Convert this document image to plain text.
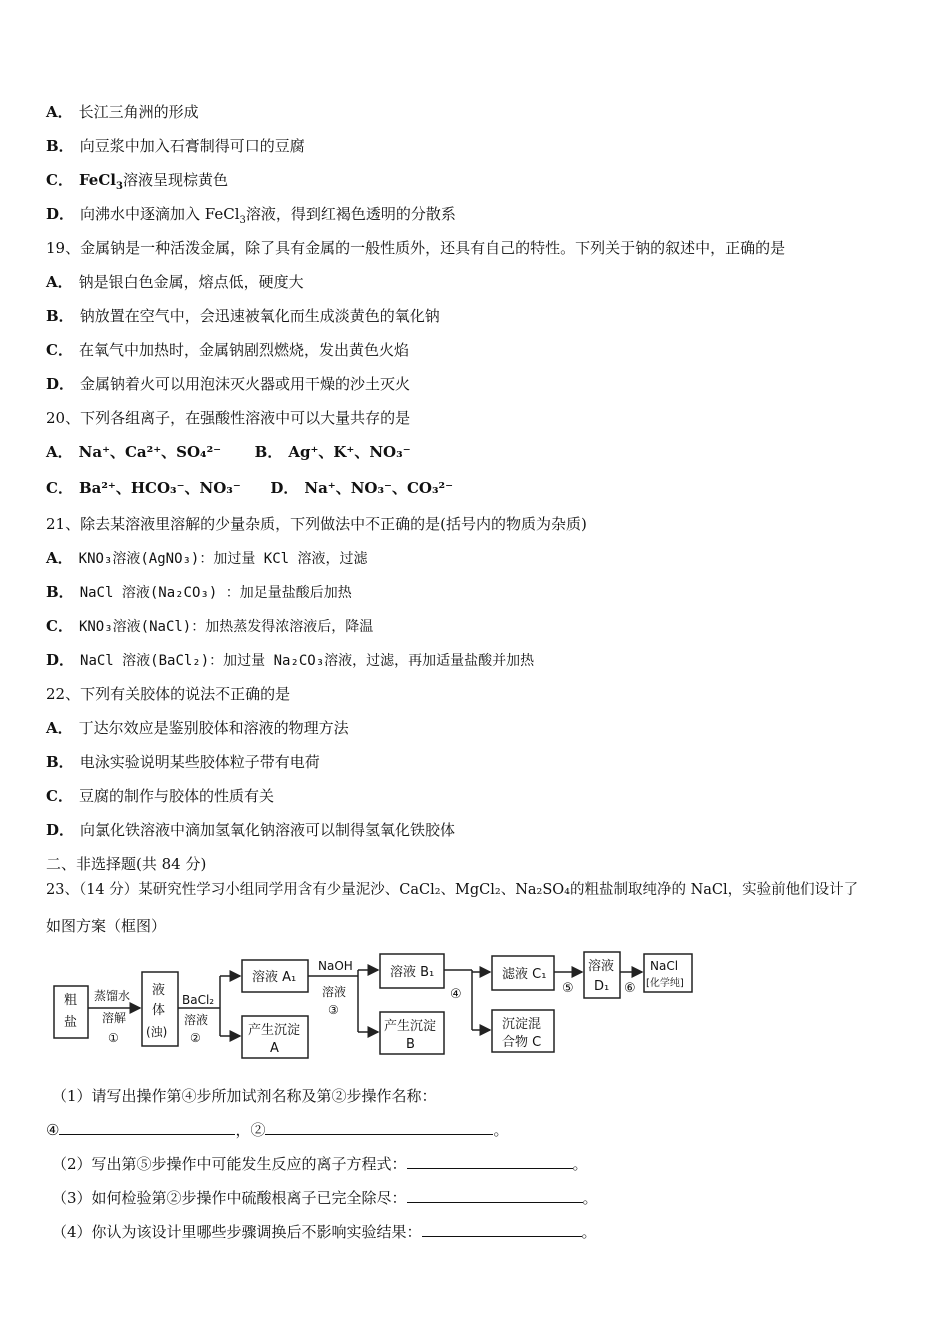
A． 长江三角洲的形成
B． 向豆浆中加入石膏制得可口的豆腐
C． FeCl$_3$溶液呈现棕黄色
D． 向沸水中逐滴加入 FeCl$_3$溶液，得到红褐色透明的分散系
19、金属钠是一种活泼金属，除了具有金属的一般性质外，还具有自己的特性。下列关于钠的叙述中，正确的是
A． 钠是银白色金属，熔点低，硬度大
B． 钠放置在空气中，会迅速被氧化而生成淡黄色的氧化钠
C． 在氧气中加热时，金属钠剧烈燃烧，发出黄色火焰
D． 金属钠着火可以用泡沫灭火器或用干燥的沙土灭火
20、下列各组离子，在强酸性溶液中可以大量共存的是
A． Na⁺、Ca²⁺、SO₄²⁻ B． Ag⁺、K⁺、NO₃⁻
C． Ba²⁺、HCO₃⁻、NO₃⁻ D． Na⁺、NO₃⁻、CO₃²⁻
21、除去某溶液里溶解的少量杂质，下列做法中不正确的是(括号内的物质为杂质)
A． KNO₃溶液(AgNO₃)：加过量 KCl 溶液，过滤
B． NaCl 溶液(Na₂CO₃) ：加足量盐酸后加热
C． KNO₃溶液(NaCl)：加热蒸发得浓溶液后，降温
D． NaCl 溶液(BaCl₂)：加过量 Na₂CO₃溶液，过滤，再加适量盐酸并加热
22、下列有关胶体的说法不正确的是
A． 丁达尔效应是鉴别胶体和溶液的物理方法
B． 电泳实验说明某些胶体粒子带有电荷
C． 豆腐的制作与胶体的性质有关
D． 向氯化铁溶液中滴加氢氧化钠溶液可以制得氢氧化铁胶体
二、非选择题(共 84 分)
23、（14 分）某研究性学习小组同学用含有少量泥沙、CaCl₂、MgCl₂、Na₂SO₄的粗盐制取纯净的 NaCl，实验前他们设计了
如图方案（框图）
粗
盐
蒸馏水
溶解
①
液
体
(浊)
BaCl₂
溶液
②
溶液 A₁
产生沉淀
A
NaOH
溶液
③
溶液 B₁
产生沉淀
B
④
滤液 C₁
沉淀混
合物 C
⑤
溶液
D₁ ⑥
NaCl
[化学纯]
（1）请写出操作第④步所加试剂名称及第②步操作名称：
④	，②	。
（2）写出第⑤步操作中可能发生反应的离子方程式：	。
（3）如何检验第②步操作中硫酸根离子已完全除尽：	。
（4）你认为该设计里哪些步骤调换后不影响实验结果：	。
